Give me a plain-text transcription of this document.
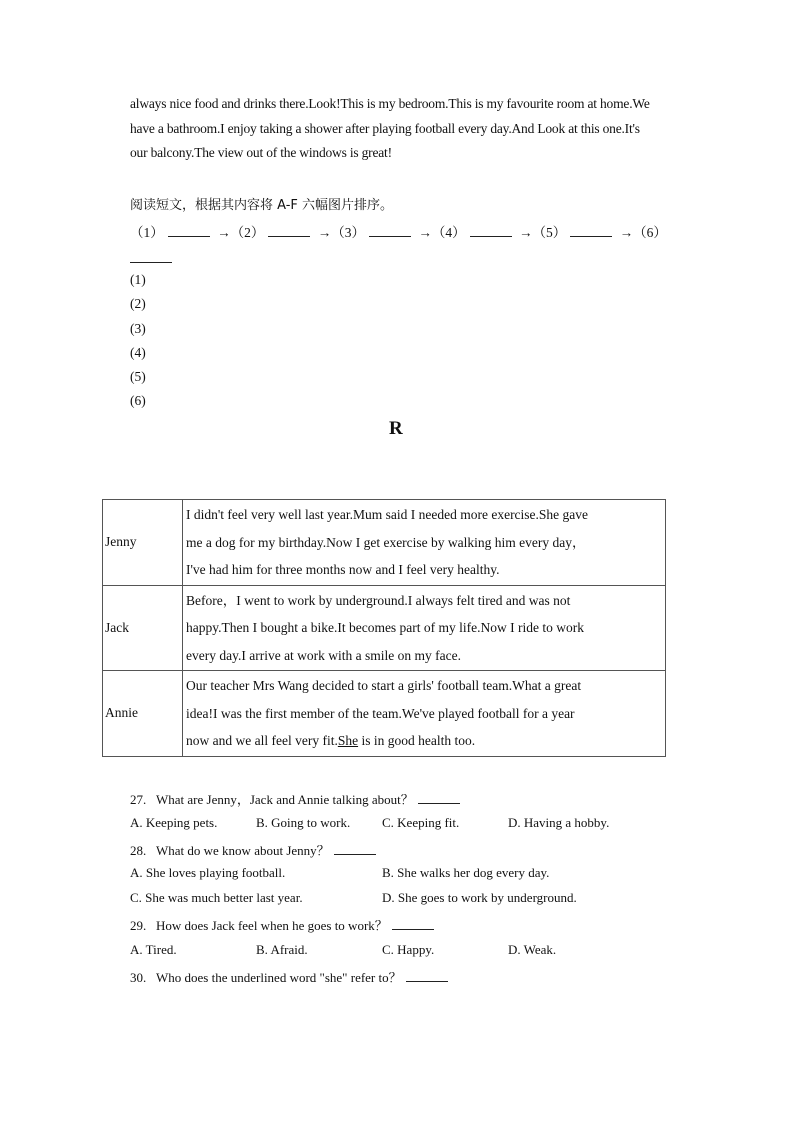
always nice food and drinks there.Look!This is my bedroom.This is my favourite room at home.We
have a bathroom.I enjoy taking a shower after playing football every day.And Look at this one.It's
our balcony.The view out of the windows is great!
阅读短文，根据其内容将 A-F 六幅图片排序。
（1）	→（2）	→（3）	→（4）	→（5）	→（6）
(1)
(2)
(3)
(4)
(5)
(6)
R
Jenny	I didn't feel very well last year.Mum said I needed more exercise.She gave
me a dog for my birthday.Now I get exercise by walking him every day，
I've had him for three months now and I feel very healthy.

Jack	Before，I went to work by underground.I always felt tired and was not
happy.Then I bought a bike.It becomes part of my life.Now I ride to work
every day.I arrive at work with a smile on my face.

Annie	Our teacher Mrs Wang decided to start a girls' football team.What a great
idea!I was the first member of the team.We've played football for a year
now and we all feel very fit.She is in good health too.
27. What are Jenny，Jack and Annie talking about？
A. Keeping pets.	B. Going to work. C. Keeping fit.	D. Having a hobby.
28. What do we know about Jenny？
A. She loves playing football.	B. She walks her dog every day.
C. She was much better last year.	D. She goes to work by underground.
29. How does Jack feel when he goes to work？
A. Tired.	B. Afraid.	C. Happy.	D. Weak.
30. Who does the underlined word "she" refer to？
